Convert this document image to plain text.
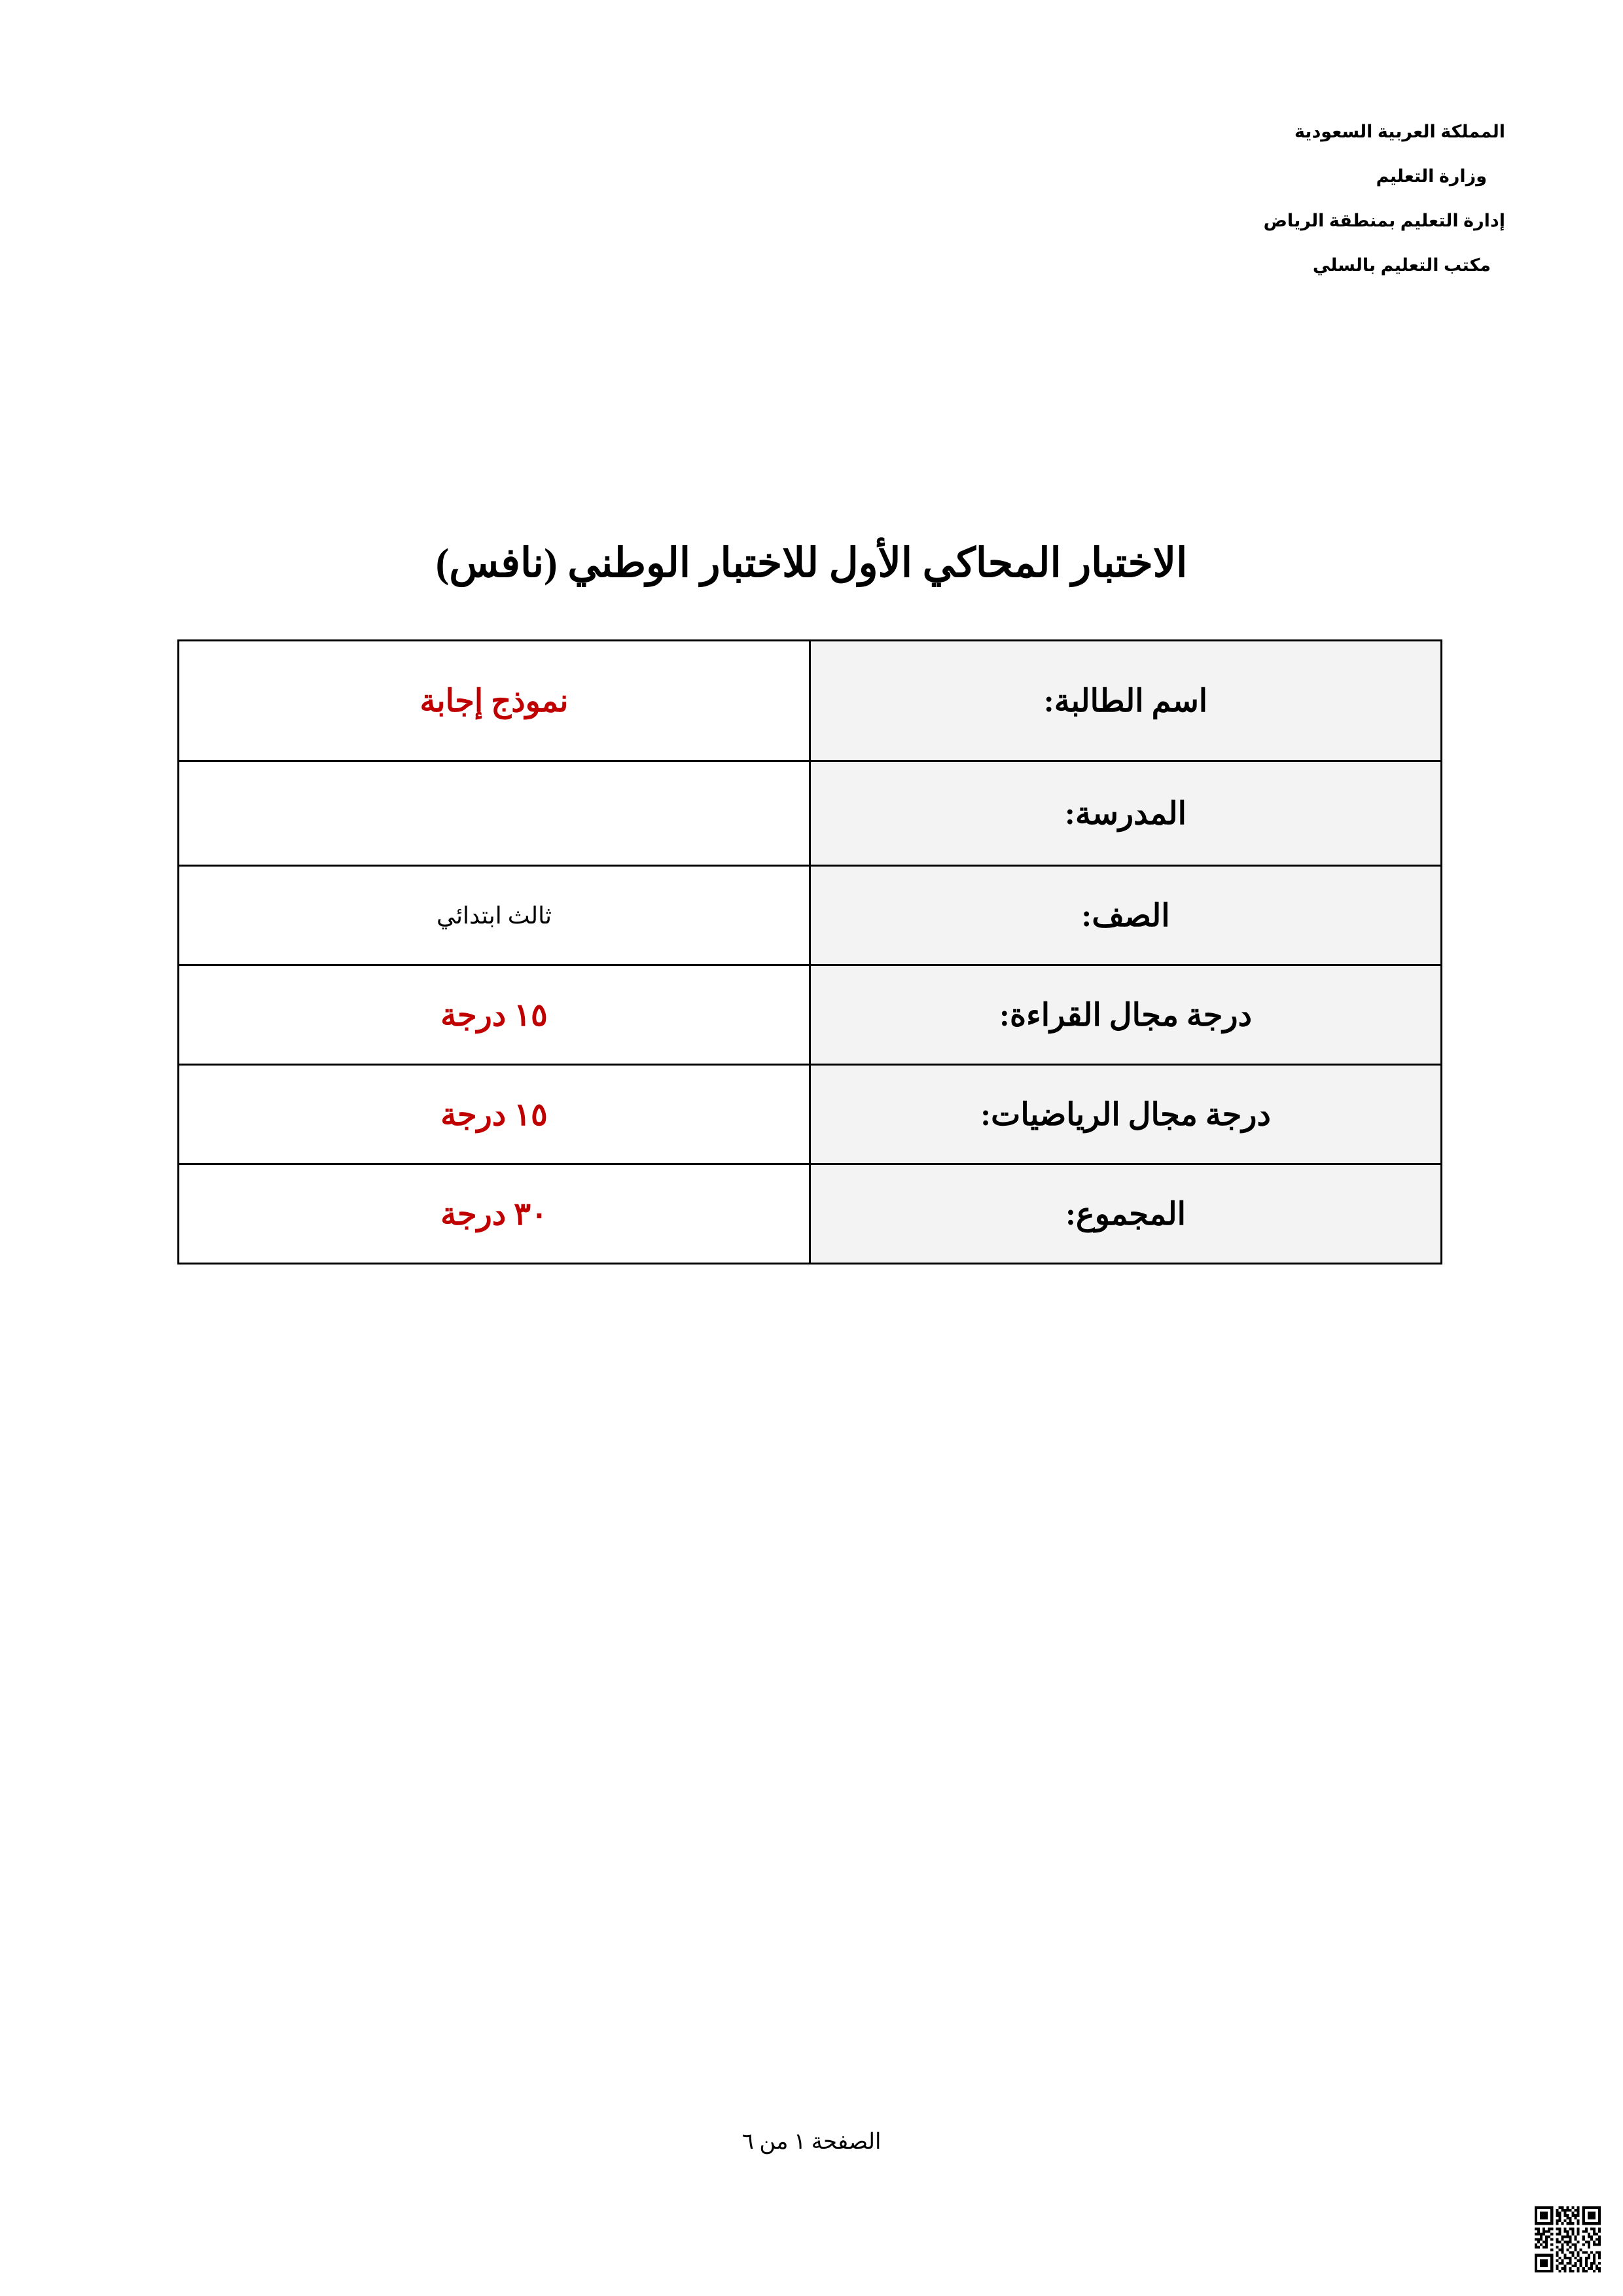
المملكة العربية السعودية
وزارة التعليم
إدارة التعليم بمنطقة الرياض
مكتب التعليم بالسلي
الاختبار المحاكي الأول للاختبار الوطني (نافس)
اسم الطالبة:	نموذج إجابة
المدرسة:	
الصف:	ثالث ابتدائي
درجة مجال القراءة:	١٥ درجة
درجة مجال الرياضيات:	١٥ درجة
المجموع:	٣٠ درجة
الصفحة ١ من ٦
